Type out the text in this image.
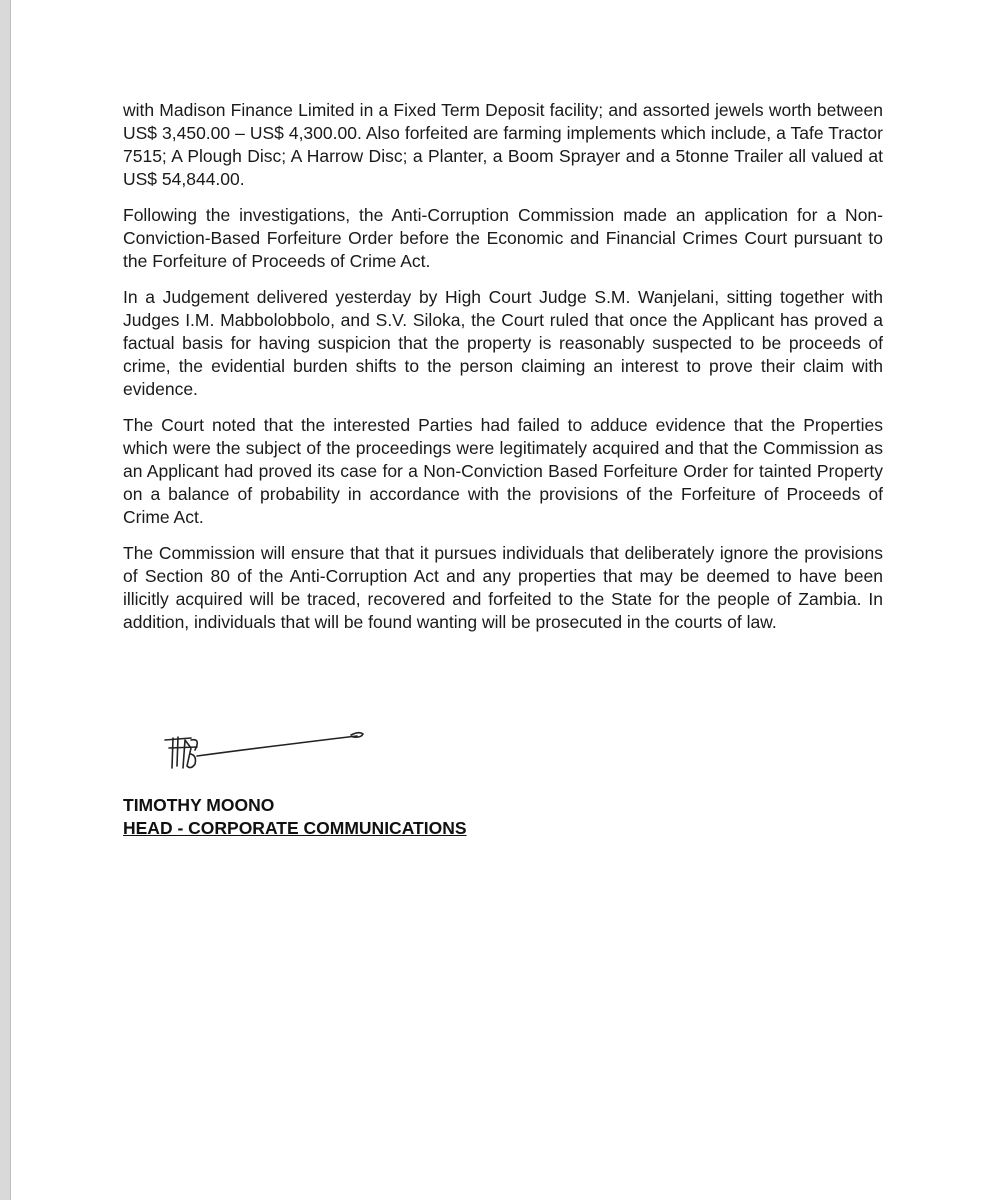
with Madison Finance Limited in a Fixed Term Deposit facility; and assorted jewels worth between US$ 3,450.00 – US$ 4,300.00. Also forfeited are farming implements which include, a Tafe Tractor 7515; A Plough Disc; A Harrow Disc; a Planter, a Boom Sprayer and a 5tonne Trailer all valued at US$ 54,844.00.

Following the investigations, the Anti-Corruption Commission made an application for a Non-Conviction-Based Forfeiture Order before the Economic and Financial Crimes Court pursuant to the Forfeiture of Proceeds of Crime Act.

In a Judgement delivered yesterday by High Court Judge S.M. Wanjelani, sitting together with Judges I.M. Mabbolobbolo, and S.V. Siloka, the Court ruled that once the Applicant has proved a factual basis for having suspicion that the property is reasonably suspected to be proceeds of crime, the evidential burden shifts to the person claiming an interest to prove their claim with evidence.

The Court noted that the interested Parties had failed to adduce evidence that the Properties which were the subject of the proceedings were legitimately acquired and that the Commission as an Applicant had proved its case for a Non-Conviction Based Forfeiture Order for tainted Property on a balance of probability in accordance with the provisions of the Forfeiture of Proceeds of Crime Act.

The Commission will ensure that that it pursues individuals that deliberately ignore the provisions of Section 80 of the Anti-Corruption Act and any properties that may be deemed to have been illicitly acquired will be traced, recovered and forfeited to the State for the people of Zambia. In addition, individuals that will be found wanting will be prosecuted in the courts of law.

TIMOTHY MOONO
HEAD - CORPORATE COMMUNICATIONS
